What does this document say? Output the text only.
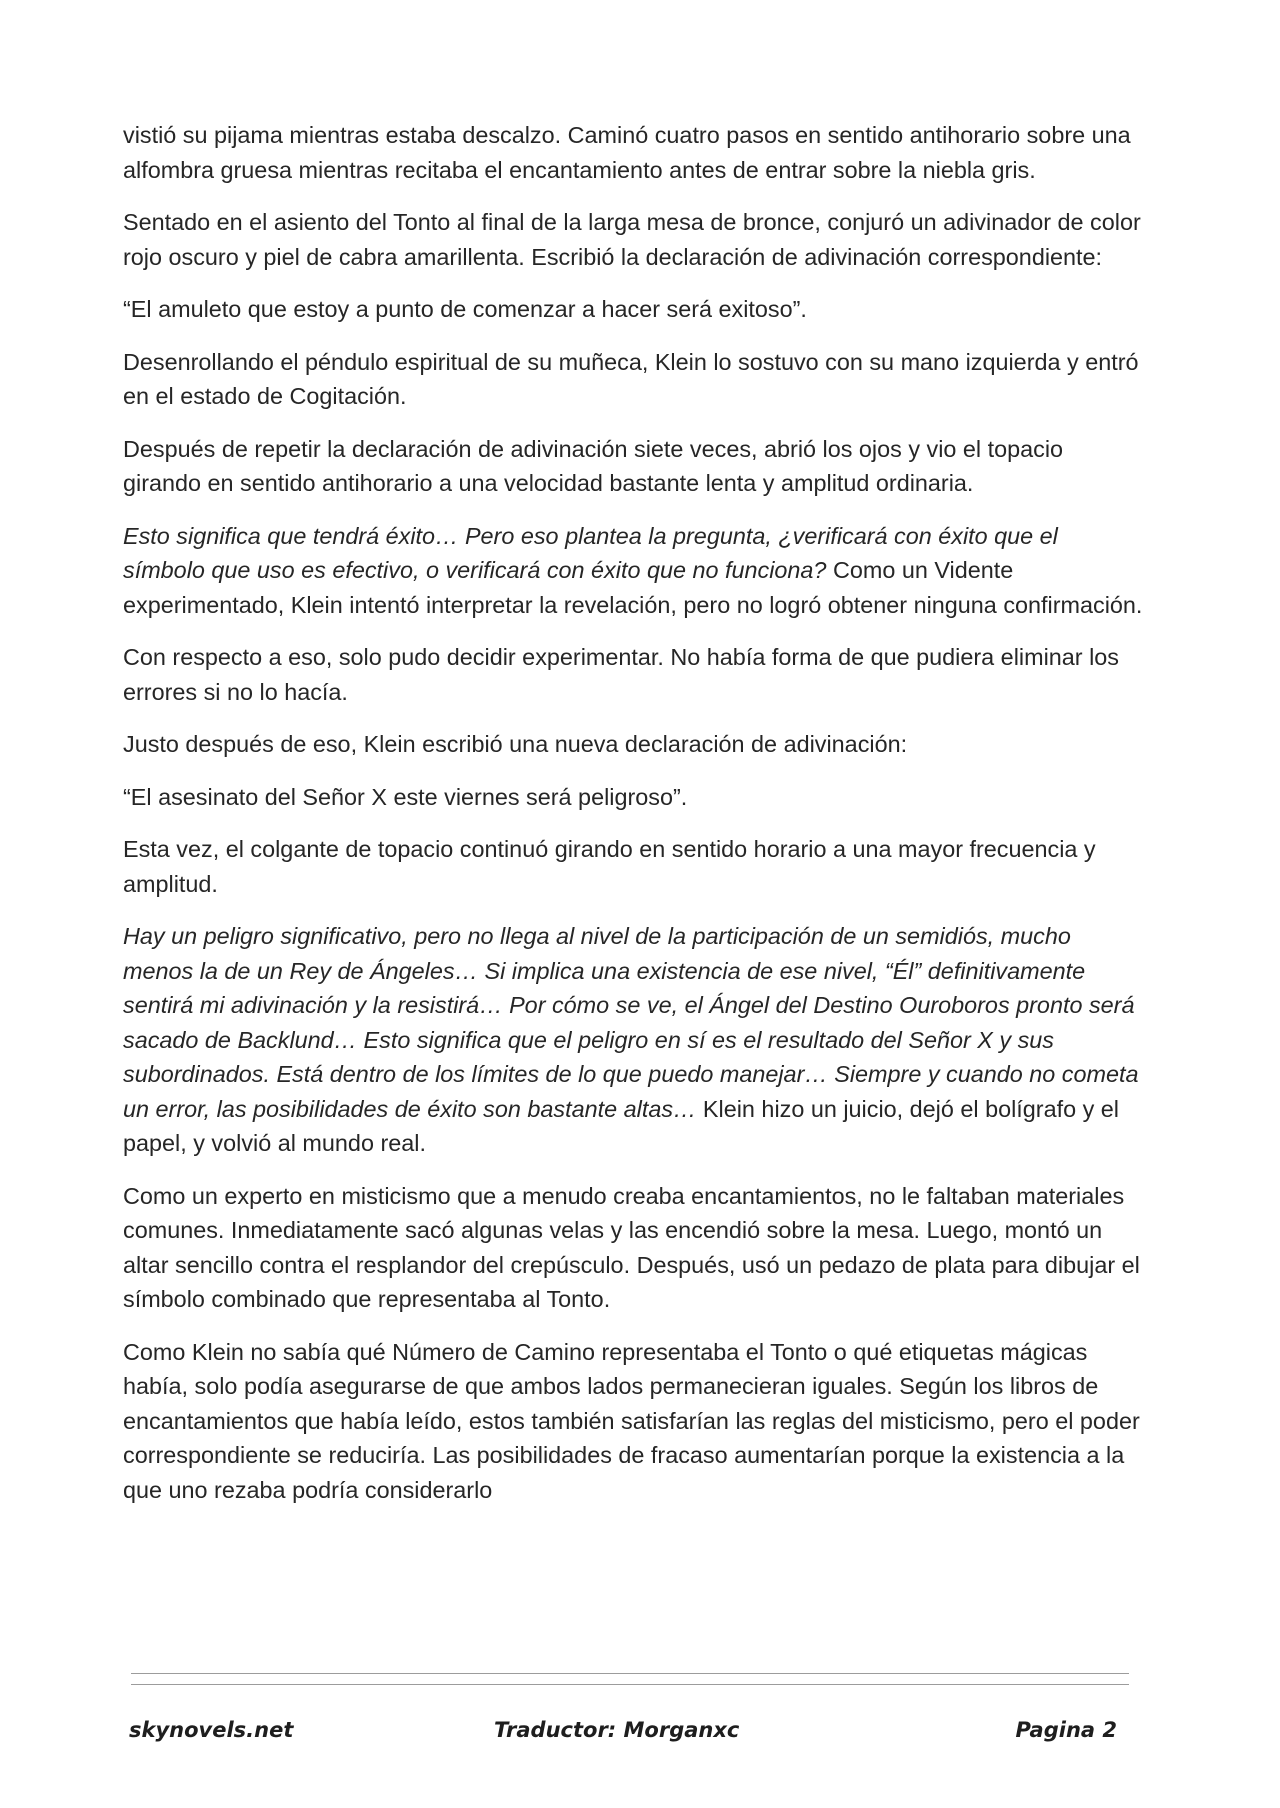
vistió su pijama mientras estaba descalzo. Caminó cuatro pasos en sentido antihorario sobre una alfombra gruesa mientras recitaba el encantamiento antes de entrar sobre la niebla gris.

Sentado en el asiento del Tonto al final de la larga mesa de bronce, conjuró un adivinador de color rojo oscuro y piel de cabra amarillenta. Escribió la declaración de adivinación correspondiente:

“El amuleto que estoy a punto de comenzar a hacer será exitoso”.

Desenrollando el péndulo espiritual de su muñeca, Klein lo sostuvo con su mano izquierda y entró en el estado de Cogitación.

Después de repetir la declaración de adivinación siete veces, abrió los ojos y vio el topacio girando en sentido antihorario a una velocidad bastante lenta y amplitud ordinaria.

Esto significa que tendrá éxito… Pero eso plantea la pregunta, ¿verificará con éxito que el símbolo que uso es efectivo, o verificará con éxito que no funciona? Como un Vidente experimentado, Klein intentó interpretar la revelación, pero no logró obtener ninguna confirmación.

Con respecto a eso, solo pudo decidir experimentar. No había forma de que pudiera eliminar los errores si no lo hacía.

Justo después de eso, Klein escribió una nueva declaración de adivinación:

“El asesinato del Señor X este viernes será peligroso”.

Esta vez, el colgante de topacio continuó girando en sentido horario a una mayor frecuencia y amplitud.

Hay un peligro significativo, pero no llega al nivel de la participación de un semidiós, mucho menos la de un Rey de Ángeles… Si implica una existencia de ese nivel, “Él” definitivamente sentirá mi adivinación y la resistirá… Por cómo se ve, el Ángel del Destino Ouroboros pronto será sacado de Backlund… Esto significa que el peligro en sí es el resultado del Señor X y sus subordinados. Está dentro de los límites de lo que puedo manejar… Siempre y cuando no cometa un error, las posibilidades de éxito son bastante altas… Klein hizo un juicio, dejó el bolígrafo y el papel, y volvió al mundo real.

Como un experto en misticismo que a menudo creaba encantamientos, no le faltaban materiales comunes. Inmediatamente sacó algunas velas y las encendió sobre la mesa. Luego, montó un altar sencillo contra el resplandor del crepúsculo. Después, usó un pedazo de plata para dibujar el símbolo combinado que representaba al Tonto.

Como Klein no sabía qué Número de Camino representaba el Tonto o qué etiquetas mágicas había, solo podía asegurarse de que ambos lados permanecieran iguales. Según los libros de encantamientos que había leído, estos también satisfarían las reglas del misticismo, pero el poder correspondiente se reduciría. Las posibilidades de fracaso aumentarían porque la existencia a la que uno rezaba podría considerarlo

skynovels.net	Traductor: Morganxc	Pagina 2
